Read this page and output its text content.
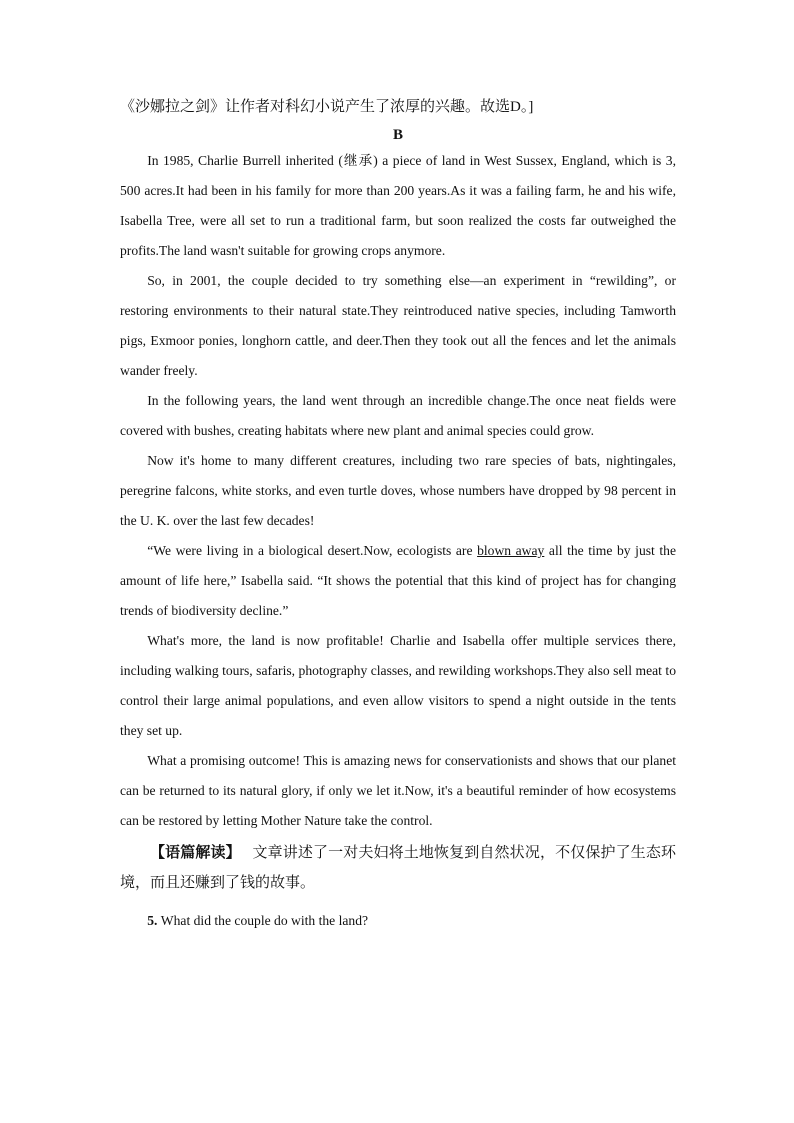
《沙娜拉之剑》让作者对科幻小说产生了浓厚的兴趣。故选D。]

B

In 1985, Charlie Burrell inherited (继承) a piece of land in West Sussex, England, which is 3, 500 acres.It had been in his family for more than 200 years.As it was a failing farm, he and his wife, Isabella Tree, were all set to run a traditional farm, but soon realized the costs far outweighed the profits.The land wasn't suitable for growing crops anymore.

So, in 2001, the couple decided to try something else—an experiment in “rewilding”, or restoring environments to their natural state.They reintroduced native species, including Tamworth pigs, Exmoor ponies, longhorn cattle, and deer.Then they took out all the fences and let the animals wander freely.

In the following years, the land went through an incredible change.The once neat fields were covered with bushes, creating habitats where new plant and animal species could grow.

Now it's home to many different creatures, including two rare species of bats, nightingales, peregrine falcons, white storks, and even turtle doves, whose numbers have dropped by 98 percent in the U. K. over the last few decades!

“We were living in a biological desert.Now, ecologists are blown away all the time by just the amount of life here,” Isabella said. “It shows the potential that this kind of project has for changing trends of biodiversity decline.”

What's more, the land is now profitable! Charlie and Isabella offer multiple services there, including walking tours, safaris, photography classes, and rewilding workshops.They also sell meat to control their large animal populations, and even allow visitors to spend a night outside in the tents they set up.

What a promising outcome! This is amazing news for conservationists and shows that our planet can be returned to its natural glory, if only we let it.Now, it's a beautiful reminder of how ecosystems can be restored by letting Mother Nature take the control.

【语篇解读】 文章讲述了一对夫妇将土地恢复到自然状况，不仅保护了生态环境，而且还赚到了钱的故事。

5. What did the couple do with the land?
